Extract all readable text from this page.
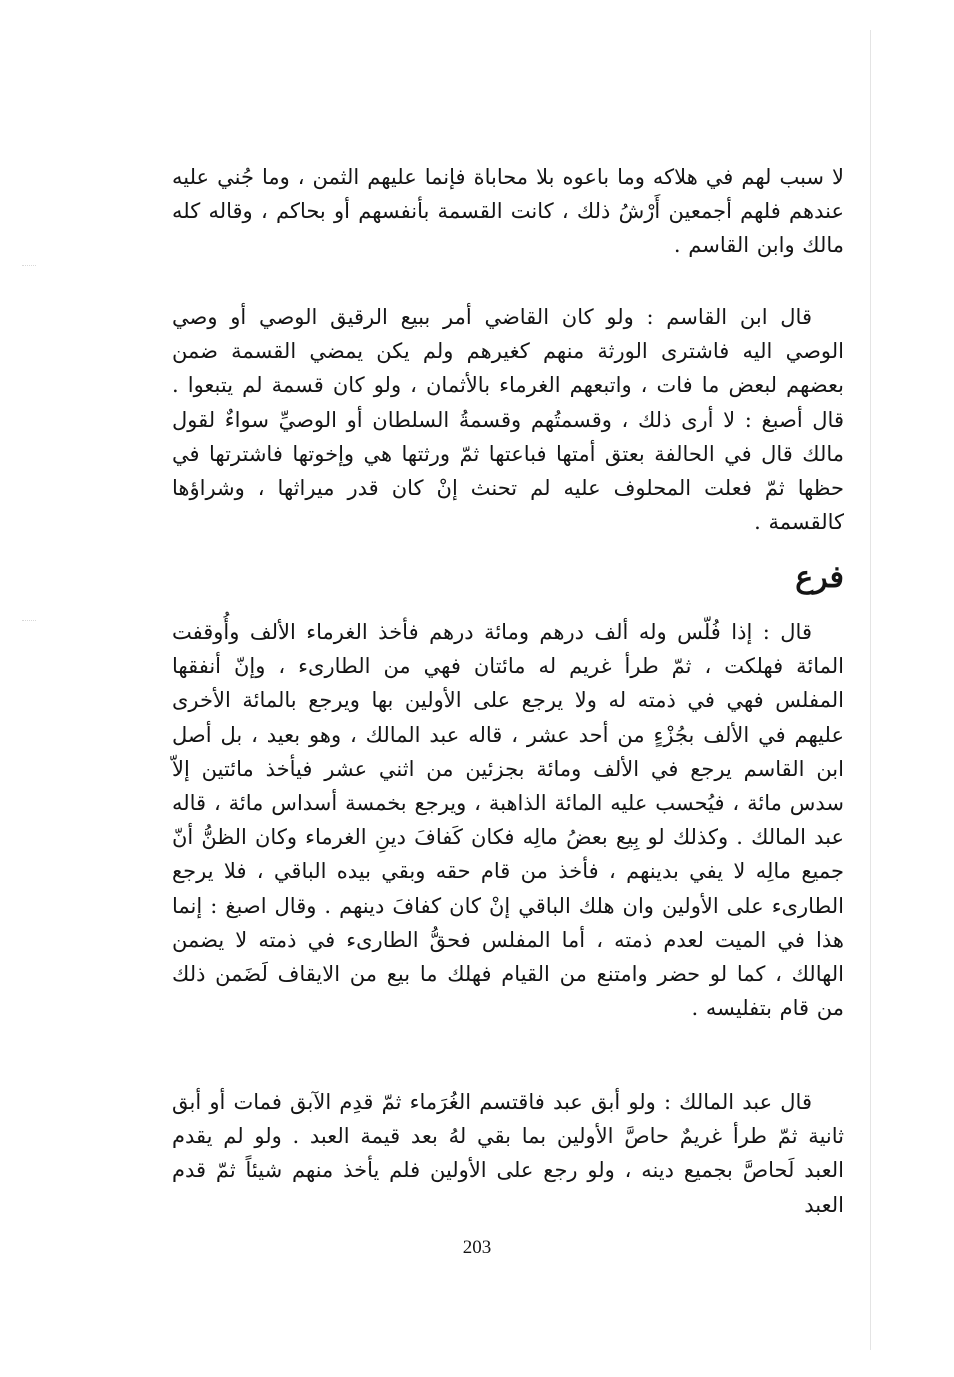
لا سبب لهم في هلاكه وما باعوه بلا محاباة فإنما عليهم الثمن ، وما جُني عليه عندهم فلهم أجمعين أَرْشُ ذلك ، كانت القسمة بأنفسهم أو بحاكم ، وقاله كله مالك وابن القاسم .

قال ابن القاسم : ولو كان القاضي أمر ببيع الرقيق الوصي أو وصي الوصي اليه فاشترى الورثة منهم كغيرهم ولم يكن يمضي القسمة ضمن بعضهم لبعض ما فات ، واتبعهم الغرماء بالأثمان ، ولو كان قسمة لم يتبعوا . قال أصبغ : لا أرى ذلك ، وقسمتُهم وقسمةُ السلطان أو الوصيِّ سواءٌ لقول مالك قال في الحالفة بعتق أمتها فباعتها ثمّ ورثتها هي وإخوتها فاشترتها في حظها ثمّ فعلت المحلوف عليه لم تحنث إنْ كان قدر ميراثها ، وشراؤها كالقسمة .

فرع

قال : إذا فُلّس وله ألف درهم ومائة درهم فأخذ الغرماء الألف وأُوقفت المائة فهلكت ، ثمّ طرأ غريم له مائتان فهي من الطارىء ، وإنّ أنفقها المفلس فهي في ذمته له ولا يرجع على الأولين بها ويرجع بالمائة الأخرى عليهم في الألف بجُزْءٍ من أحد عشر ، قاله عبد المالك ، وهو بعيد ، بل أصل ابن القاسم يرجع في الألف ومائة بجزئين من اثني عشر فيأخذ مائتين إلاّ سدس مائة ، فيُحسب عليه المائة الذاهبة ، ويرجع بخمسة أسداس مائة ، قاله عبد المالك . وكذلك لو بِيع بعضُ مالِه فكان كَفافَ دينِ الغرماء وكان الظنُّ أنّ جميع مالِه لا يفي بدينهم ، فأخذ من قام حقه وبقي بيده الباقي ، فلا يرجع الطارىء على الأولين وان هلك الباقي إنْ كان كفافَ دينهم . وقال اصبغ : إنما هذا في الميت لعدم ذمته ، أما المفلس فحقُّ الطارىء في ذمته لا يضمن الهالك ، كما لو حضر وامتنع من القيام فهلك ما بيع من الايقاف لَضَمن ذلك من قام بتفليسه .

قال عبد المالك : ولو أبق عبد فاقتسم الغُرَماء ثمّ قدِم الآبق فمات أو أبق ثانية ثمّ طرأ غريمٌ حاصَّ الأولين بما بقي لهُ بعد قيمة العبد . ولو لم يقدم العبد لَحاصَّ بجميع دينه ، ولو رجع على الأولين فلم يأخذ منهم شيئاً ثمّ قدم العبد

203
